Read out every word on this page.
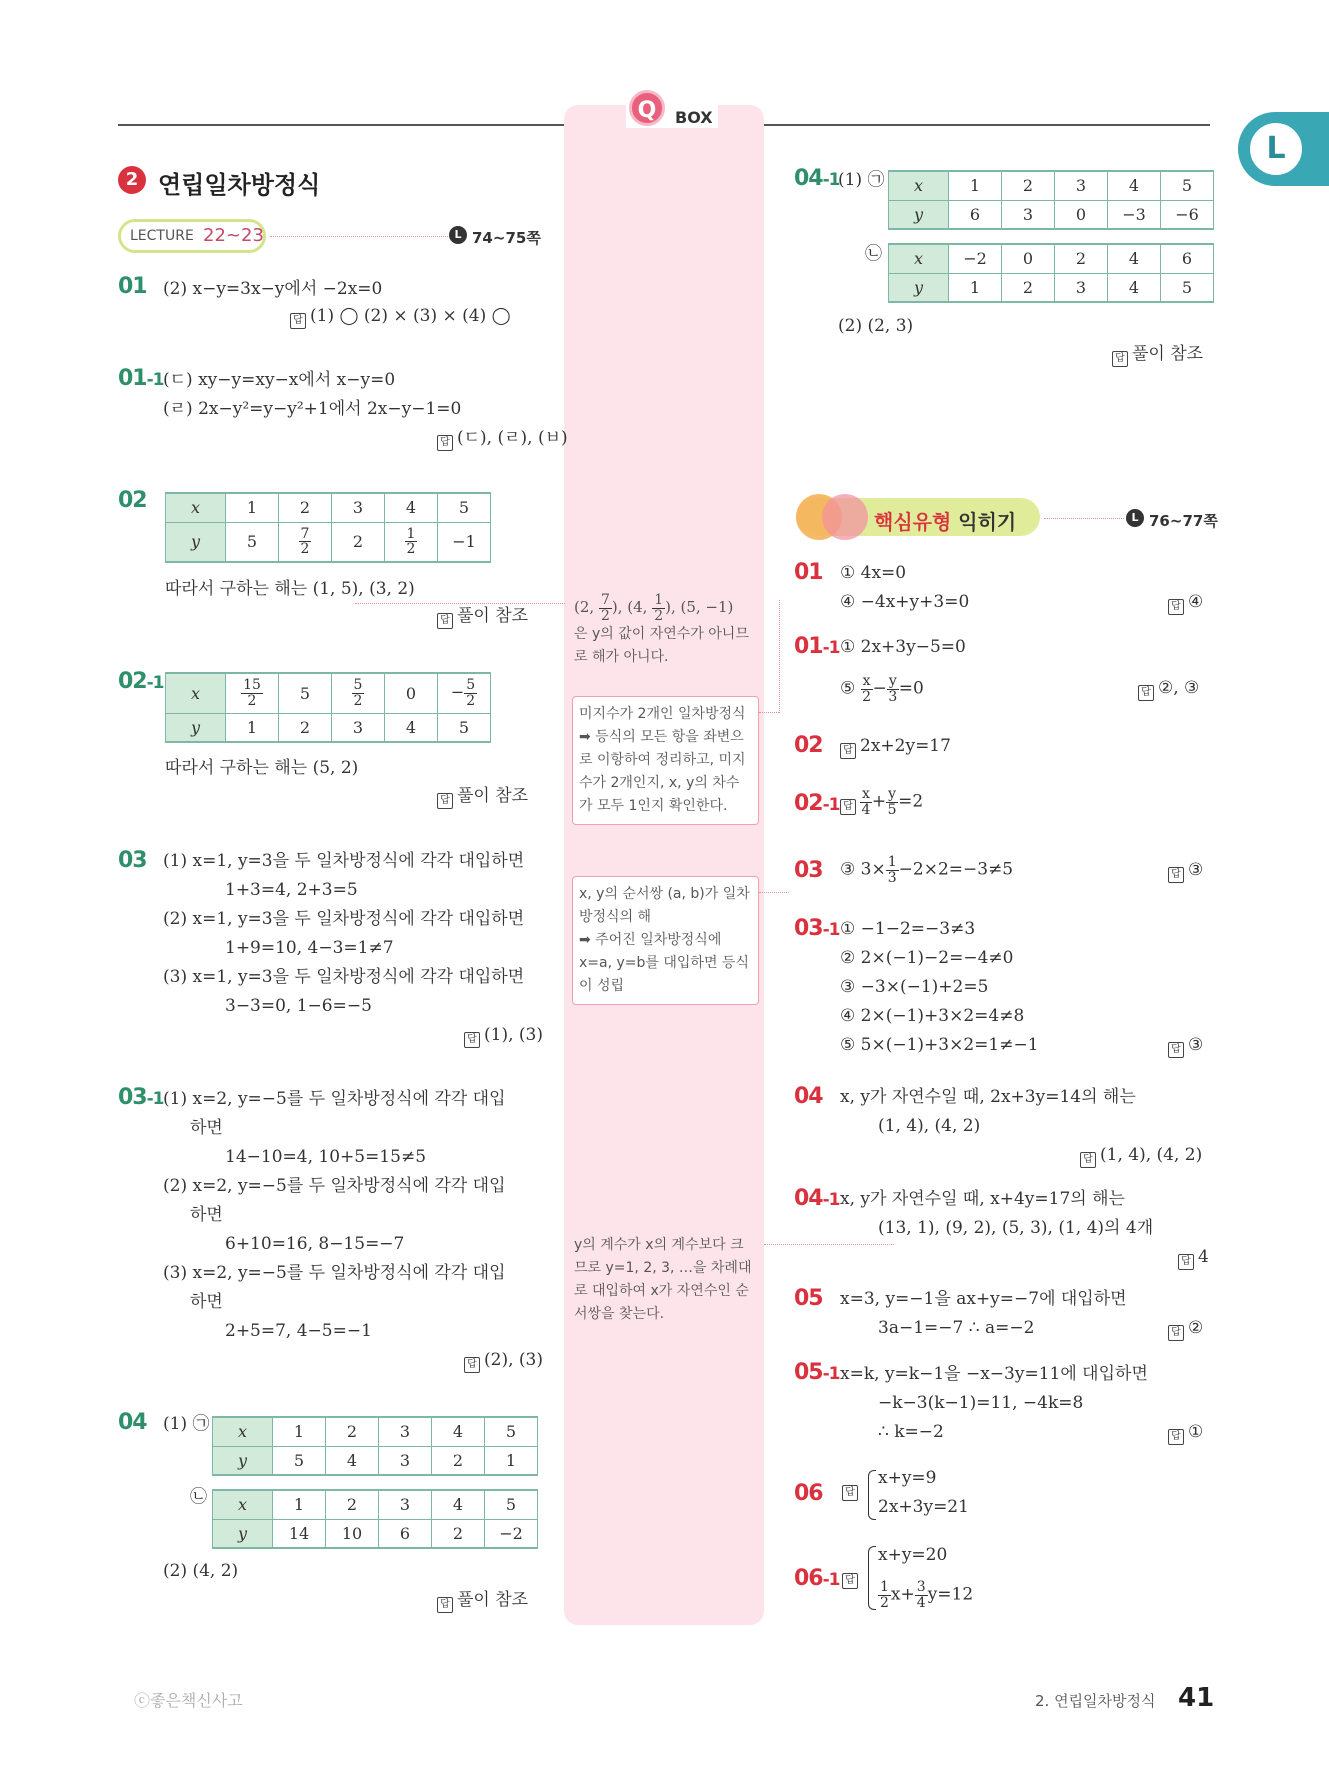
Q	BOX
L
2 연립일차방정식
LECTURE 22~23	L 74~75쪽
01 (2) x−y=3x−y에서 −2x=0
답 (1) ◯ (2) × (3) × (4) ◯
01-1 (ㄷ) xy−y=xy−x에서 x−y=0
(ㄹ) 2x−y²=y−y²+1에서 2x−y−1=0
답 (ㄷ), (ㄹ), (ㅂ)
02	x	1	2	3	4	5
y	5	$\frac{7}{2}$	2	$\frac{1}{2}$	−1
따라서 구하는 해는 (1, 5), (3, 2)
답 풀이 참조
02-1
x	$\frac{15}{2}$	5	$\frac{5}{2}$	0	− $\frac{5}{2}$

y	1	2	3	4	5
따라서 구하는 해는 (5, 2)
답 풀이 참조
03 (1) x=1, y=3을 두 일차방정식에 각각 대입하면
1+3=4, 2+3=5
(2) x=1, y=3을 두 일차방정식에 각각 대입하면
1+9=10, 4−3=1≠7
(3) x=1, y=3을 두 일차방정식에 각각 대입하면
3−3=0, 1−6=−5
답 (1), (3)
03-1 (1) x=2, y=−5를 두 일차방정식에 각각 대입
하면
14−10=4, 10+5=15≠5
(2) x=2, y=−5를 두 일차방정식에 각각 대입
하면
6+10=16, 8−15=−7
(3) x=2, y=−5를 두 일차방정식에 각각 대입
하면
2+5=7, 4−5=−1
답 (2), (3)
04 (1) ㉠ x	1	2	3	4	5
y	5	4	3	2	1
㉡ x	1	2	3	4	5
y	14	10	6	2	−2
(2) (4, 2)
답 풀이 참조
(2, $\frac{7}{2}$ ), (4, $\frac{1}{2}$ ), (5, −1)
은 y의 값이 자연수가 아니므로 해가 아니다.
미지수가 2개인 일차방정식
➡ 등식의 모든 항을 좌변으로 이항하여 정리하고, 미지수가 2개인지, x, y의 차수가 모두 1인지 확인한다.
x, y의 순서쌍 (a, b)가 일차방정식의 해
➡ 주어진 일차방정식에 x=a, y=b를 대입하면 등식이 성립
y의 계수가 x의 계수보다 크므로 y=1, 2, 3, …을 차례대로 대입하여 x가 자연수인 순서쌍을 찾는다.
04-1
(1) ㉠ x	1	2	3	4	5
y	6	3	0	−3	−6
㉡ x	−2	0	2	4	6
y	1	2	3	4	5
(2) (2, 3)
답 풀이 참조
핵심유형 익히기	L 76~77쪽
01 ① 4x=0
④ −4x+y+3=0	답 ④
01-1 ① 2x+3y−5=0
⑤ $\frac{x}{2} - \frac{y}{3} =0$	답 ②, ③
02	답 2x+2y=17
02-1 답 $\frac{x}{4} + \frac{y}{5} =2$
03 ③ $3\times \frac{1}{3} -2\times 2=-3\ne 5$	답 ③
03-1 ① −1−2=−3≠3
② 2×(−1)−2=−4≠0
③ −3×(−1)+2=5
④ 2×(−1)+3×2=4≠8
⑤ 5×(−1)+3×2=1≠−1	답 ③
04 x, y가 자연수일 때, 2x+3y=14의 해는
(1, 4), (4, 2)
답 (1, 4), (4, 2)
04-1 x, y가 자연수일 때, x+4y=17의 해는
(13, 1), (9, 2), (5, 3), (1, 4)의 4개
답 4
05 x=3, y=−1을 ax+y=−7에 대입하면
3a−1=−7 ∴ a=−2	답 ②
05-1 x=k, y=k−1을 −x−3y=11에 대입하면
−k−3(k−1)=11, −4k=8
∴ k=−2	답 ①
06	답
x+y=9
2x+3y=21
06-1 답
x+y=20
$\frac{1}{2} x+ \frac{3}{4} y=12$
ⓒ좋은책신사고	2. 연립일차방정식 41
